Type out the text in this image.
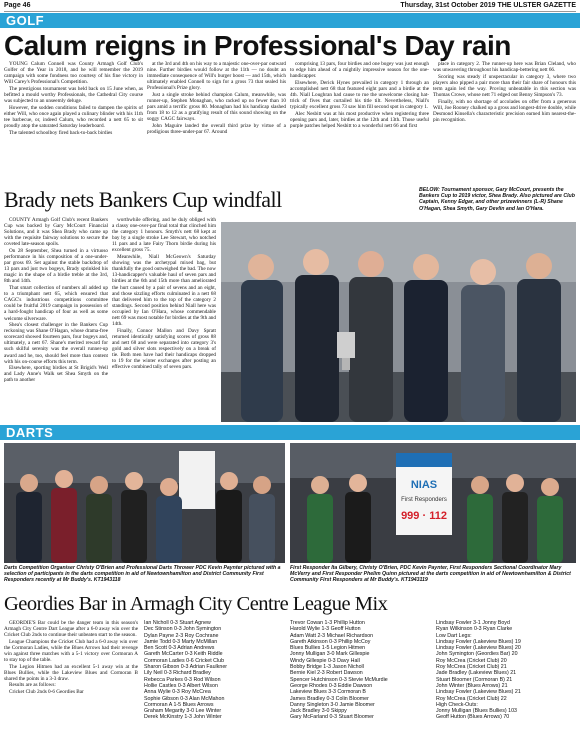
Page 46	Thursday, 31st October 2019 THE ULSTER GAZETTE
GOLF
Calum reigns in Professional's Day rain

YOUNG Calum Connell was County Armagh Golf Club's Golfer of the Year in 2018, and he will remember the 2019 campaign with some fondness too courtesy of his fine victory in Will Carey's Professional's Competition.

The prestigious tournament was held back on 15 June when, as befitted a mould worthy Professionals, the Cathedral City course was subjected to an unseemly deluge.

However, the sodden conditions failed to dampen the spirits of either Will, who once again played a culinary blinder with his 11th tee barbecue, or, indeed Calum, who recorded a nett 65 to sit proudly atop the saturated Saturday leaderboard.

The talented schoolboy fired back-to-back birdies

at the 3rd and 4th on his way to a majestic one-over-par outward nine. Further birdies would follow at the 11th — no doubt an immediate consequence of Will's burger boost — and 15th, which ultimately enabled Connell to sign for a gross 73 that sealed his Professional's Prize glory.

Just a single stroke behind champion Calum, meanwhile, was runner-up, Stephen Monaghan, who racked up no fewer than 10 pars amid a terrific gross 80. Monaghan had his handicap slashed from 18 to 12 as a gratifying result of this sound showing on the soggy CAGC fairways.

John Maguire landed the overall third prize by virtue of a prodigious three-under-par 67. Around

comprising 13 pars, four birdies and one bogey was just enough to edge him ahead of a mightily impressive season for the one-handicapper.

Elsewhere, Derick Hynes prevailed in category 1 through an accomplished nett 68 that featured eight pars and a birdie at the 4th. Niall Loughran had cause to rue the unwelcome closing hat-trick of fives that curtailed his title tilt. Nevertheless, Niall's typically excellent gross 73 saw him fill second spot in category 1.

Alec Nesbitt was at his most productive when registering three opening pars and, later, birdies at the 12th and 13th. Those useful purple patches helped Nesbitt to a wonderful nett 66 and first

place in category 2. The runner-up here was Brian Cleland, who was unwavering throughout his handicap-bettering nett 66.

Scoring was steady if unspectacular in category 3, where two players also pipped a pair more than their fair share of honours this term again led the way. Proving unbeatable in this section was Thomas Crowe, whose nett 71 edged out Benny Simpson's 73.

Finally, with no shortage of accolades on offer from a generous Will, Joe Rooney chalked up a gross and longest-drive double, while Desmond Kinsella's characteristic precision earned him nearest-the-pin recognition.

Brady nets Bankers Cup windfall	BELOW: Tournament sponsor, Gary McCourt, presents the Bankers Cup to 2019 victor, Shea Brady. Also pictured are Club Captain, Kenny Edgar, and other prizewinners (L-R) Shane O'Hagan, Shea Smyth, Gary Devlin and Ian O'Hara.

COUNTY Armagh Golf Club's recent Bankers Cup was backed by Gary McCourt Financial Solutions, and it was Shea Brady who came up with the requisite fairway solutions to secure the coveted late-season spoils.

On 28 September, Shea turned in a virtuoso performance in his composition of a one-under-par gross 69. Set against the stable backdrop of 13 pars and just two bogeys, Brady sprinkled his magic in the shape of a birdie treble at the 3rd, 8th and 14th.

That smart collection of numbers all added up to a triumphant nett 65, which ensured that CAGC's industrious competitions committee could be fruitful 2019 campaign in possession of a hard-fought handicap of four as well as some welcome silverware.

Shea's closest challenger in the Bankers Cup reckoning was Shane O'Hagan, whose drama-free scorecard showed fourteen pars, four bogeys and, ultimately, a nett 67. Shane's merited reward for such skilful serenity was the overall runner-up award and he, too, should feel more than content with his on-course efforts this term.

Elsewhere, sporting birdies at St Brigid's Well and Lady Anne's Walk set Shea Smyth on the path to another

worthwhile offering, and he duly obliged with a classy one-over-par final total that clinched him the category 1 honours. Smyth's nett 68 kept at bay by a single stroke Lee Stewart, who notched 11 pars and a late Fairy Thorn birdie during his excellent gross 75.

Meanwhile, Niall McGeown's Saturday showing was the archetypal mixed bag, but thankfully the good outweighed the bad. The now 13-handicapper's valuable haul of seven pars and birdies at the 6th and 15th more than ameliorated the hurt caused by a pair of sevens and an eight, and those sizzling efforts culminated in a nett 68 that delivered him to the top of the category 2 standings. Second position behind Niall here was occupied by Ian O'Hara, whose commendable nett 69 was most notable for birdies at the 9th and 14th.

Finally, Connor Mallon and Davy Spratt returned identically satisfying scores of gross 88 and nett 68 and were separated into category 3's gold and silver slots respectively on a break of tie. Both men have had their handicaps dropped to 19 for the winter exchanges after posting an effective combined tally of seven pars.

DARTS
NIAS
First Responders
999 · 112
Darts Competition Organiser Christy O'Brien and Professional Darts Thrower PDC Kevin Paynter pictured with a selection of participants in the darts competition in aid of Newtownhamilton and District Community First Responders recently at Mr Buddy's. KT1943118
First Responder Ita Gilbery, Christy O'Brien, PDC Kevin Paynter, First Responders Sectional Coordinator Mary McVerry and First Responder Phelim Quinn pictured at the darts competition in aid of Newtownhamilton & District Community First Responders at Mr Buddy's. KT1943119
Geordies Bar in Armagh City Centre League Mix

GEORDIE'S Bar could be the danger team in this season's Armagh City Centre Dart League after a 6-0 away win over the Cricket Club 2nds to continue their unbeaten start to the season.

League Champions the Cricket Club had a 6-0 away win over the Cormoran Ladies, while the Blues Arrows had their revenge win against three matches with a 5-1 victory over Cormoran A to stay top of the table.

The Legion Hitmen had an excellent 5-1 away win at the Blues Bullies, while the Lakeview Blues and Cormoran B shared the points in a 3-3 draw.

Results are as follows:

Cricket Club 2nds 0-6 Geordies Bar

Ian Nicholl 0-3 Stuart Agnew
Dec Stinson 0-3 John Symington
Dylan Payne 2-3 Roy Cochrane
Jamie Todd 0-3 Marty McMillan
Ben Scott 0-3 Adrian Andrews
Gareth McCarter 0-3 Keith Riddle
Cormoran Ladies 0-6 Cricket Club
Sharon Gibson 0-3 Adrian Faulkner
Lily Neil 0-3 Richard Bradley
Rebecca Parkes 0-3 Rod Wilson
Hollie Castles 0-3 Albert Wilson
Anna Wylie 0-3 Roy McCrea
Sophie Gibson 0-3 Alan McMahon
Cormoran A 1-5 Blues Arrows
Graham Megarity 3-0 Lee Winter
Derek McKinstry 1-3 John Winter
Trevor Cowan 1-3 Phillip Hutton
Harold Wylie 1-3 Geoff Hutton
Adam Watt 2-3 Michael Richardson
Gareth Atkinson 0-3 Phillip McCoy
Blues Bullies 1-5 Legion Hitmen
Jonny Mulligan 3-0 Mark Gillespie
Windy Gillespie 0-3 Davy Hall
Bobby Bridge 1-3 Jason Nicholl
Bernie Kiel 2-3 Robert Dawson
Spencer Hutchinson 0-3 Stevie McMurdie
George Rhodes 0-3 Eddie Dawson
Lakeview Blues 3-3 Cormoran B
James Bradley 0-3 Colin Bloomer
Danny Singleton 3-0 Jamie Bloomer
Jack Bradley 3-0 Skippy
Gary McFarland 0-3 Stuart Bloomer
Lindsay Fowler 3-1 Jonny Boyd
Ryan Wilkinson 0-3 Ryan Clarke
Low Dart Legs:
Lindsay Fowler (Lakeview Blues) 19
Lindsay Fowler (Lakeview Blues) 20
John Symington (Geordies Bar) 20
Roy McCrea (Cricket Club) 20
Roy McCrea (Cricket Club) 21
Jade Bradley (Lakeview Blues) 21
Stuart Bloomer (Cormoran B) 21
John Winter (Blues Arrows) 21
Lindsay Fowler (Lakeview Blues) 21
Roy McCrea (Cricket Club) 22
High Check-Outs:
Jonny Mulligan (Blues Bullies) 103
Geoff Hutton (Blues Arrows) 70
